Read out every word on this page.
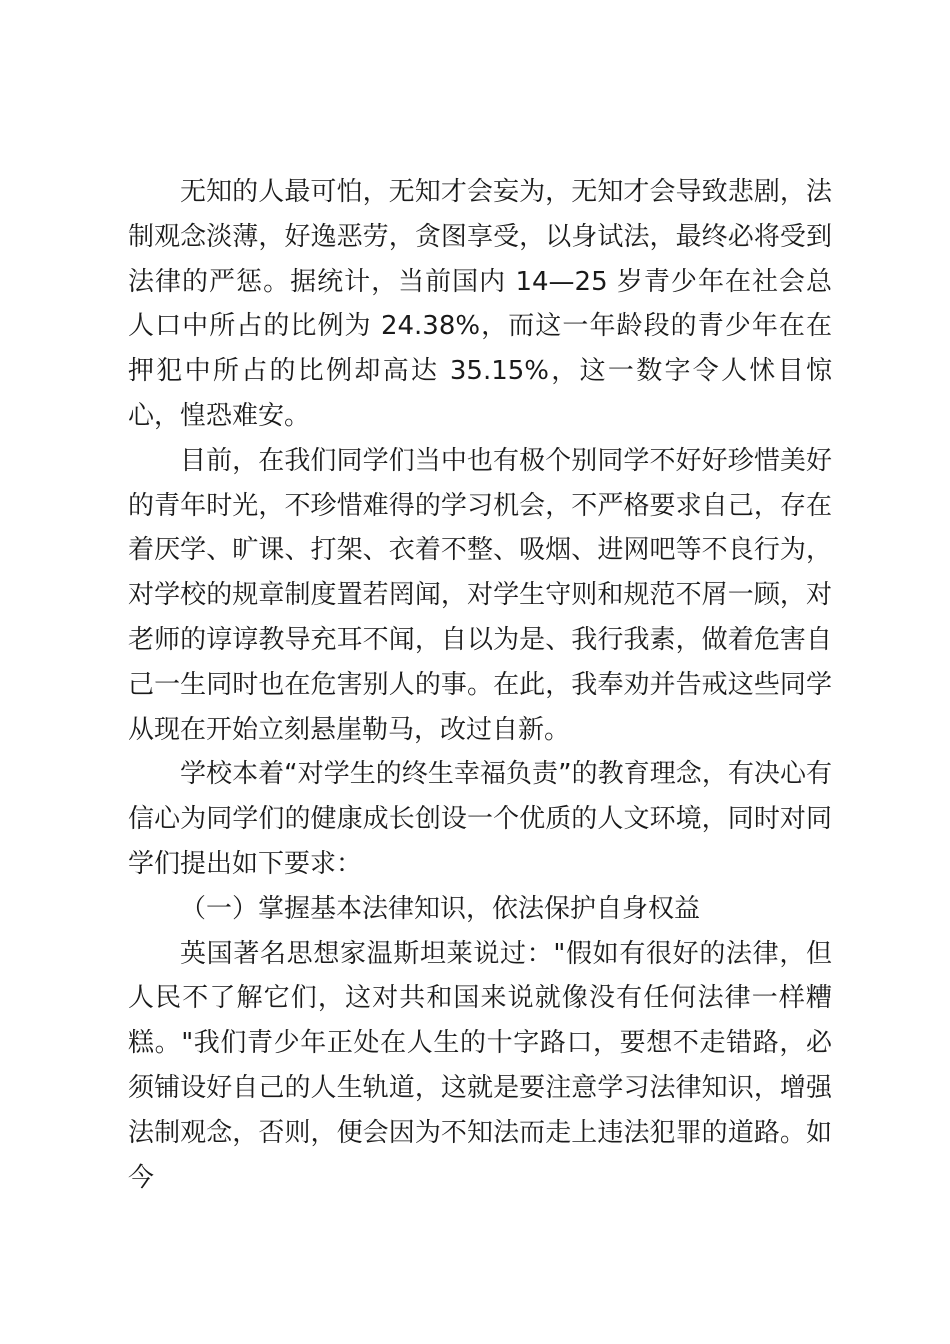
无知的人最可怕，无知才会妄为，无知才会导致悲剧，法制观念淡薄，好逸恶劳，贪图享受，以身试法，最终必将受到法律的严惩。据统计，当前国内 14—25 岁青少年在社会总人口中所占的比例为 24.38%，而这一年龄段的青少年在在押犯中所占的比例却高达 35.15%，这一数字令人怵目惊心，惶恐难安。

目前，在我们同学们当中也有极个别同学不好好珍惜美好的青年时光，不珍惜难得的学习机会，不严格要求自己，存在着厌学、旷课、打架、衣着不整、吸烟、进网吧等不良行为，对学校的规章制度置若罔闻，对学生守则和规范不屑一顾，对老师的谆谆教导充耳不闻，自以为是、我行我素，做着危害自己一生同时也在危害别人的事。在此，我奉劝并告戒这些同学从现在开始立刻悬崖勒马，改过自新。

学校本着“对学生的终生幸福负责”的教育理念，有决心有信心为同学们的健康成长创设一个优质的人文环境，同时对同学们提出如下要求：

（一）掌握基本法律知识，依法保护自身权益

英国著名思想家温斯坦莱说过："假如有很好的法律，但人民不了解它们，这对共和国来说就像没有任何法律一样糟糕。"我们青少年正处在人生的十字路口，要想不走错路，必须铺设好自己的人生轨道，这就是要注意学习法律知识，增强法制观念，否则，便会因为不知法而走上违法犯罪的道路。如今
